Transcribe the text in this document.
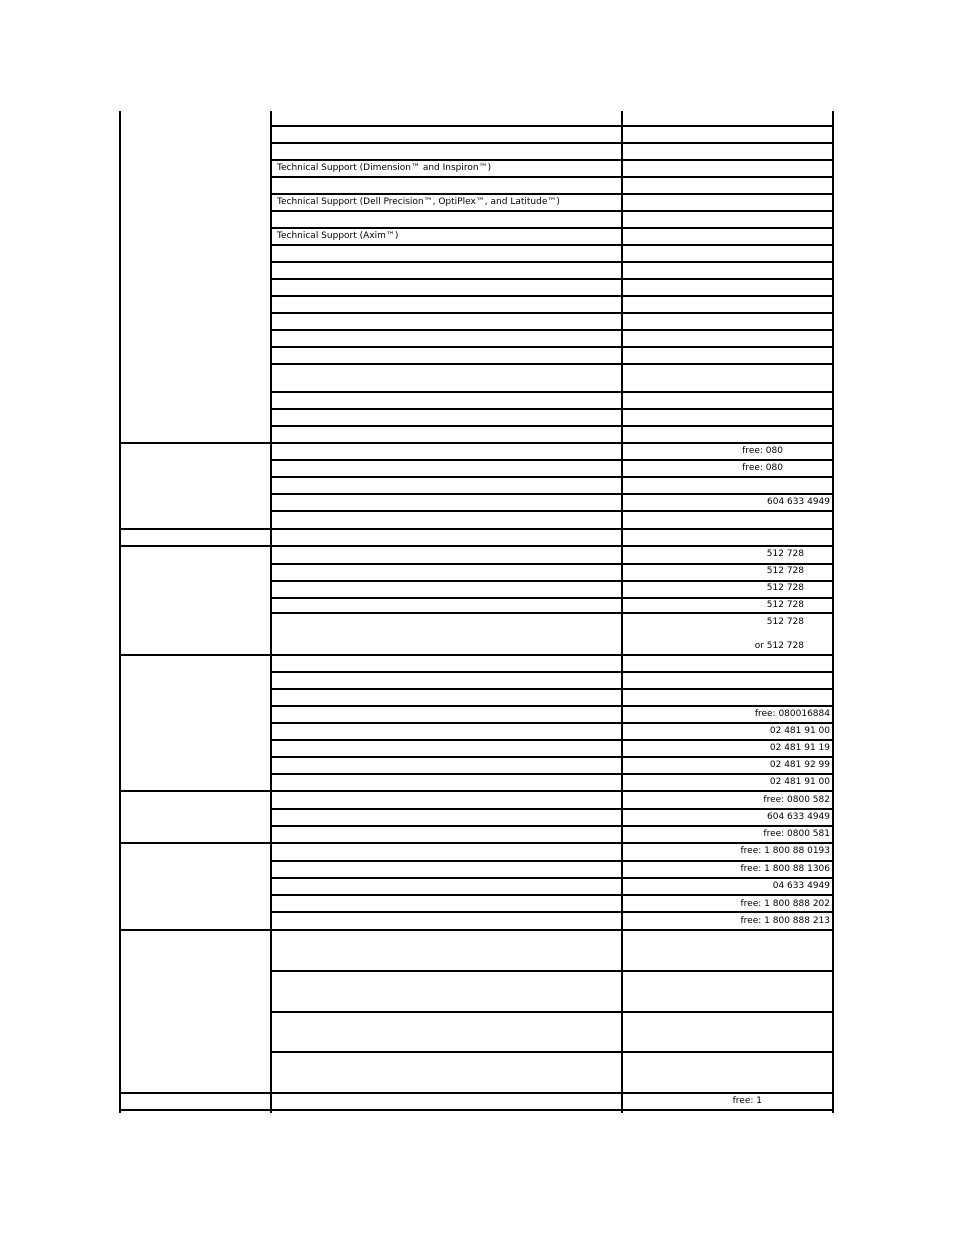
Technical Support (Dimension™ and Inspiron™)
Technical Support (Dell Precision™, OptiPlex™, and Latitude™)
Technical Support (Axim™)
free: 080
free: 080
604 633 4949
512 728
512 728
512 728
512 728
512 728
or 512 728
free: 080016884
02 481 91 00
02 481 91 19
02 481 92 99
02 481 91 00
free: 0800 582
604 633 4949
free: 0800 581
free: 1 800 88 0193
free: 1 800 88 1306
04 633 4949
free: 1 800 888 202
free: 1 800 888 213
free: 1
